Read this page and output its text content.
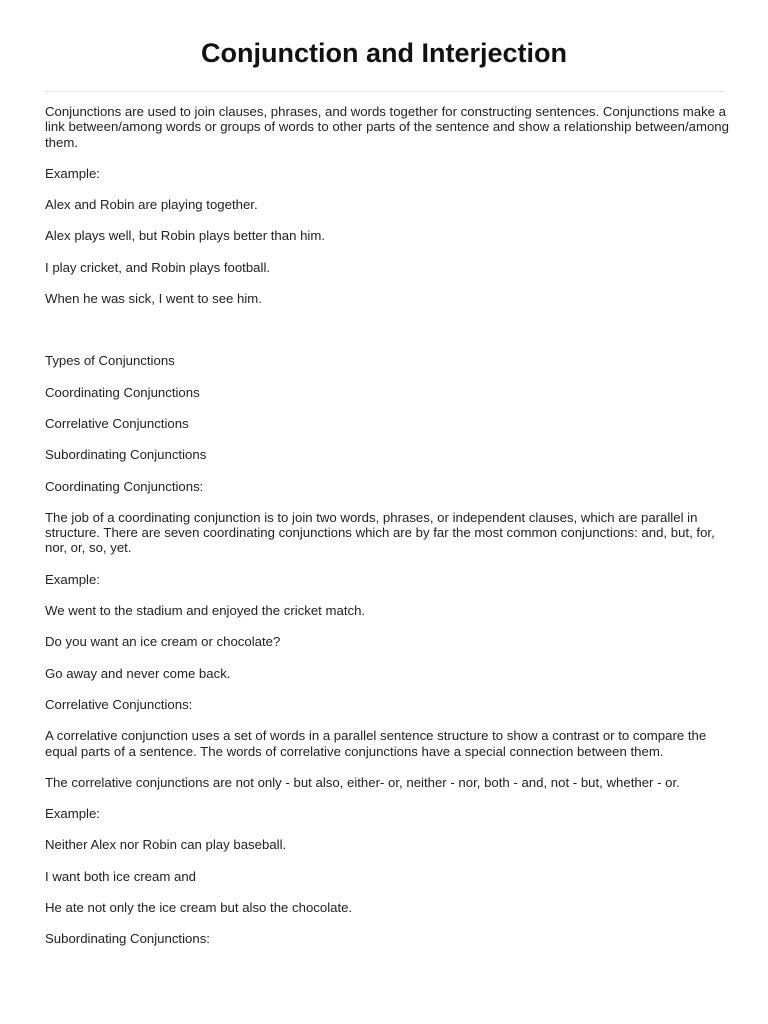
Conjunction and Interjection

Conjunctions are used to join clauses, phrases, and words together for constructing sentences. Conjunctions make a link between/among words or groups of words to other parts of the sentence and show a relationship between/among them.

Example:

Alex and Robin are playing together.

Alex plays well, but Robin plays better than him.

I play cricket, and Robin plays football.

When he was sick, I went to see him.

Types of Conjunctions

Coordinating Conjunctions

Correlative Conjunctions

Subordinating Conjunctions

Coordinating Conjunctions:

The job of a coordinating conjunction is to join two words, phrases, or independent clauses, which are parallel in structure. There are seven coordinating conjunctions which are by far the most common conjunctions: and, but, for, nor, or, so, yet.

Example:

We went to the stadium and enjoyed the cricket match.

Do you want an ice cream or chocolate?

Go away and never come back.

Correlative Conjunctions:

A correlative conjunction uses a set of words in a parallel sentence structure to show a contrast or to compare the equal parts of a sentence. The words of correlative conjunctions have a special connection between them.

The correlative conjunctions are not only - but also, either- or, neither - nor, both - and, not - but, whether - or.

Example:

Neither Alex nor Robin can play baseball.

I want both ice cream and

He ate not only the ice cream but also the chocolate.

Subordinating Conjunctions:
